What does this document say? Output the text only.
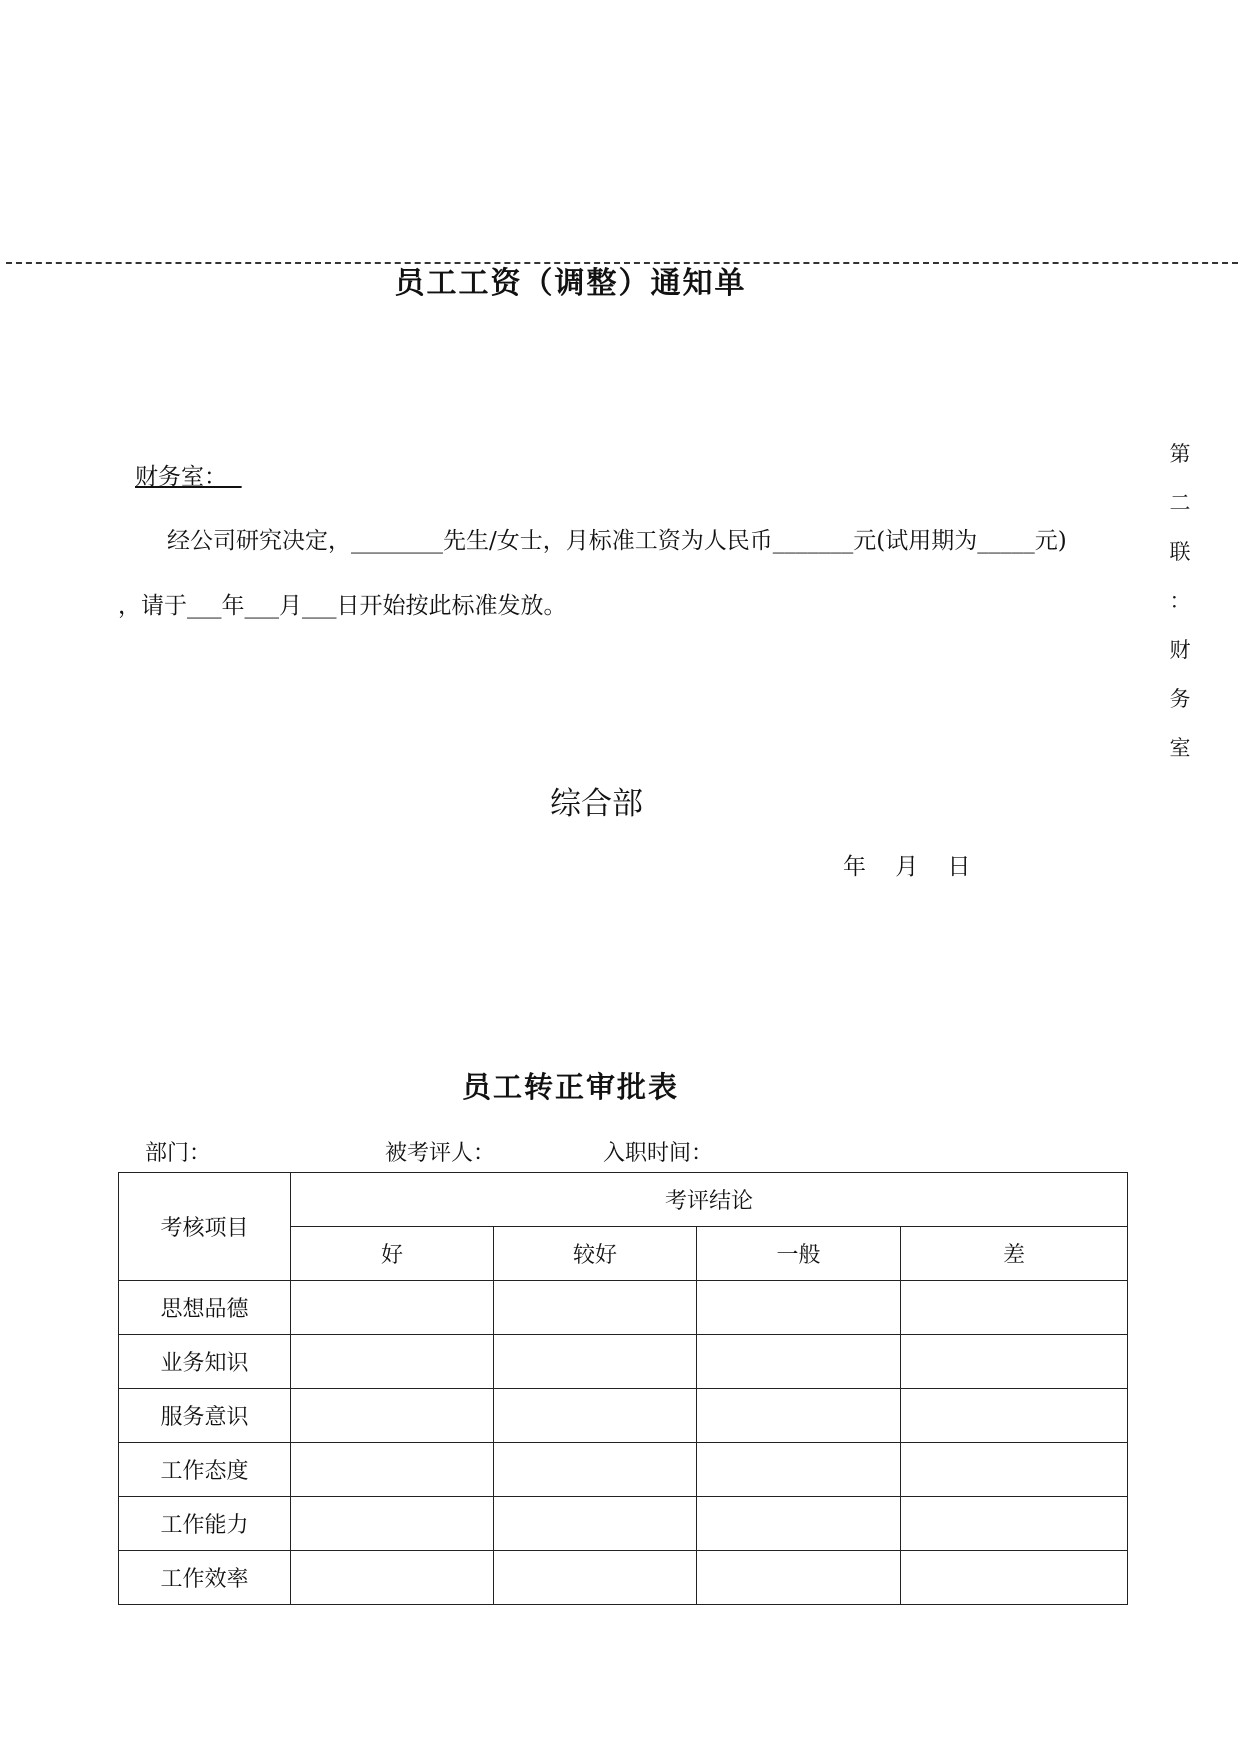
员工工资（调整）通知单
第
二
联
：
财
务
室
财务室：
经公司研究决定，________先生/女士，月标准工资为人民币_______元(试用期为_____元)
，请于___年___月___日开始按此标准发放。
综合部
年    月    日
员工转正审批表
部门：	被考评人：	入职时间：
考核项目	考评结论			
	好	较好	一般	差
思想品德				
业务知识				
服务意识				
工作态度				
工作能力				
工作效率				
